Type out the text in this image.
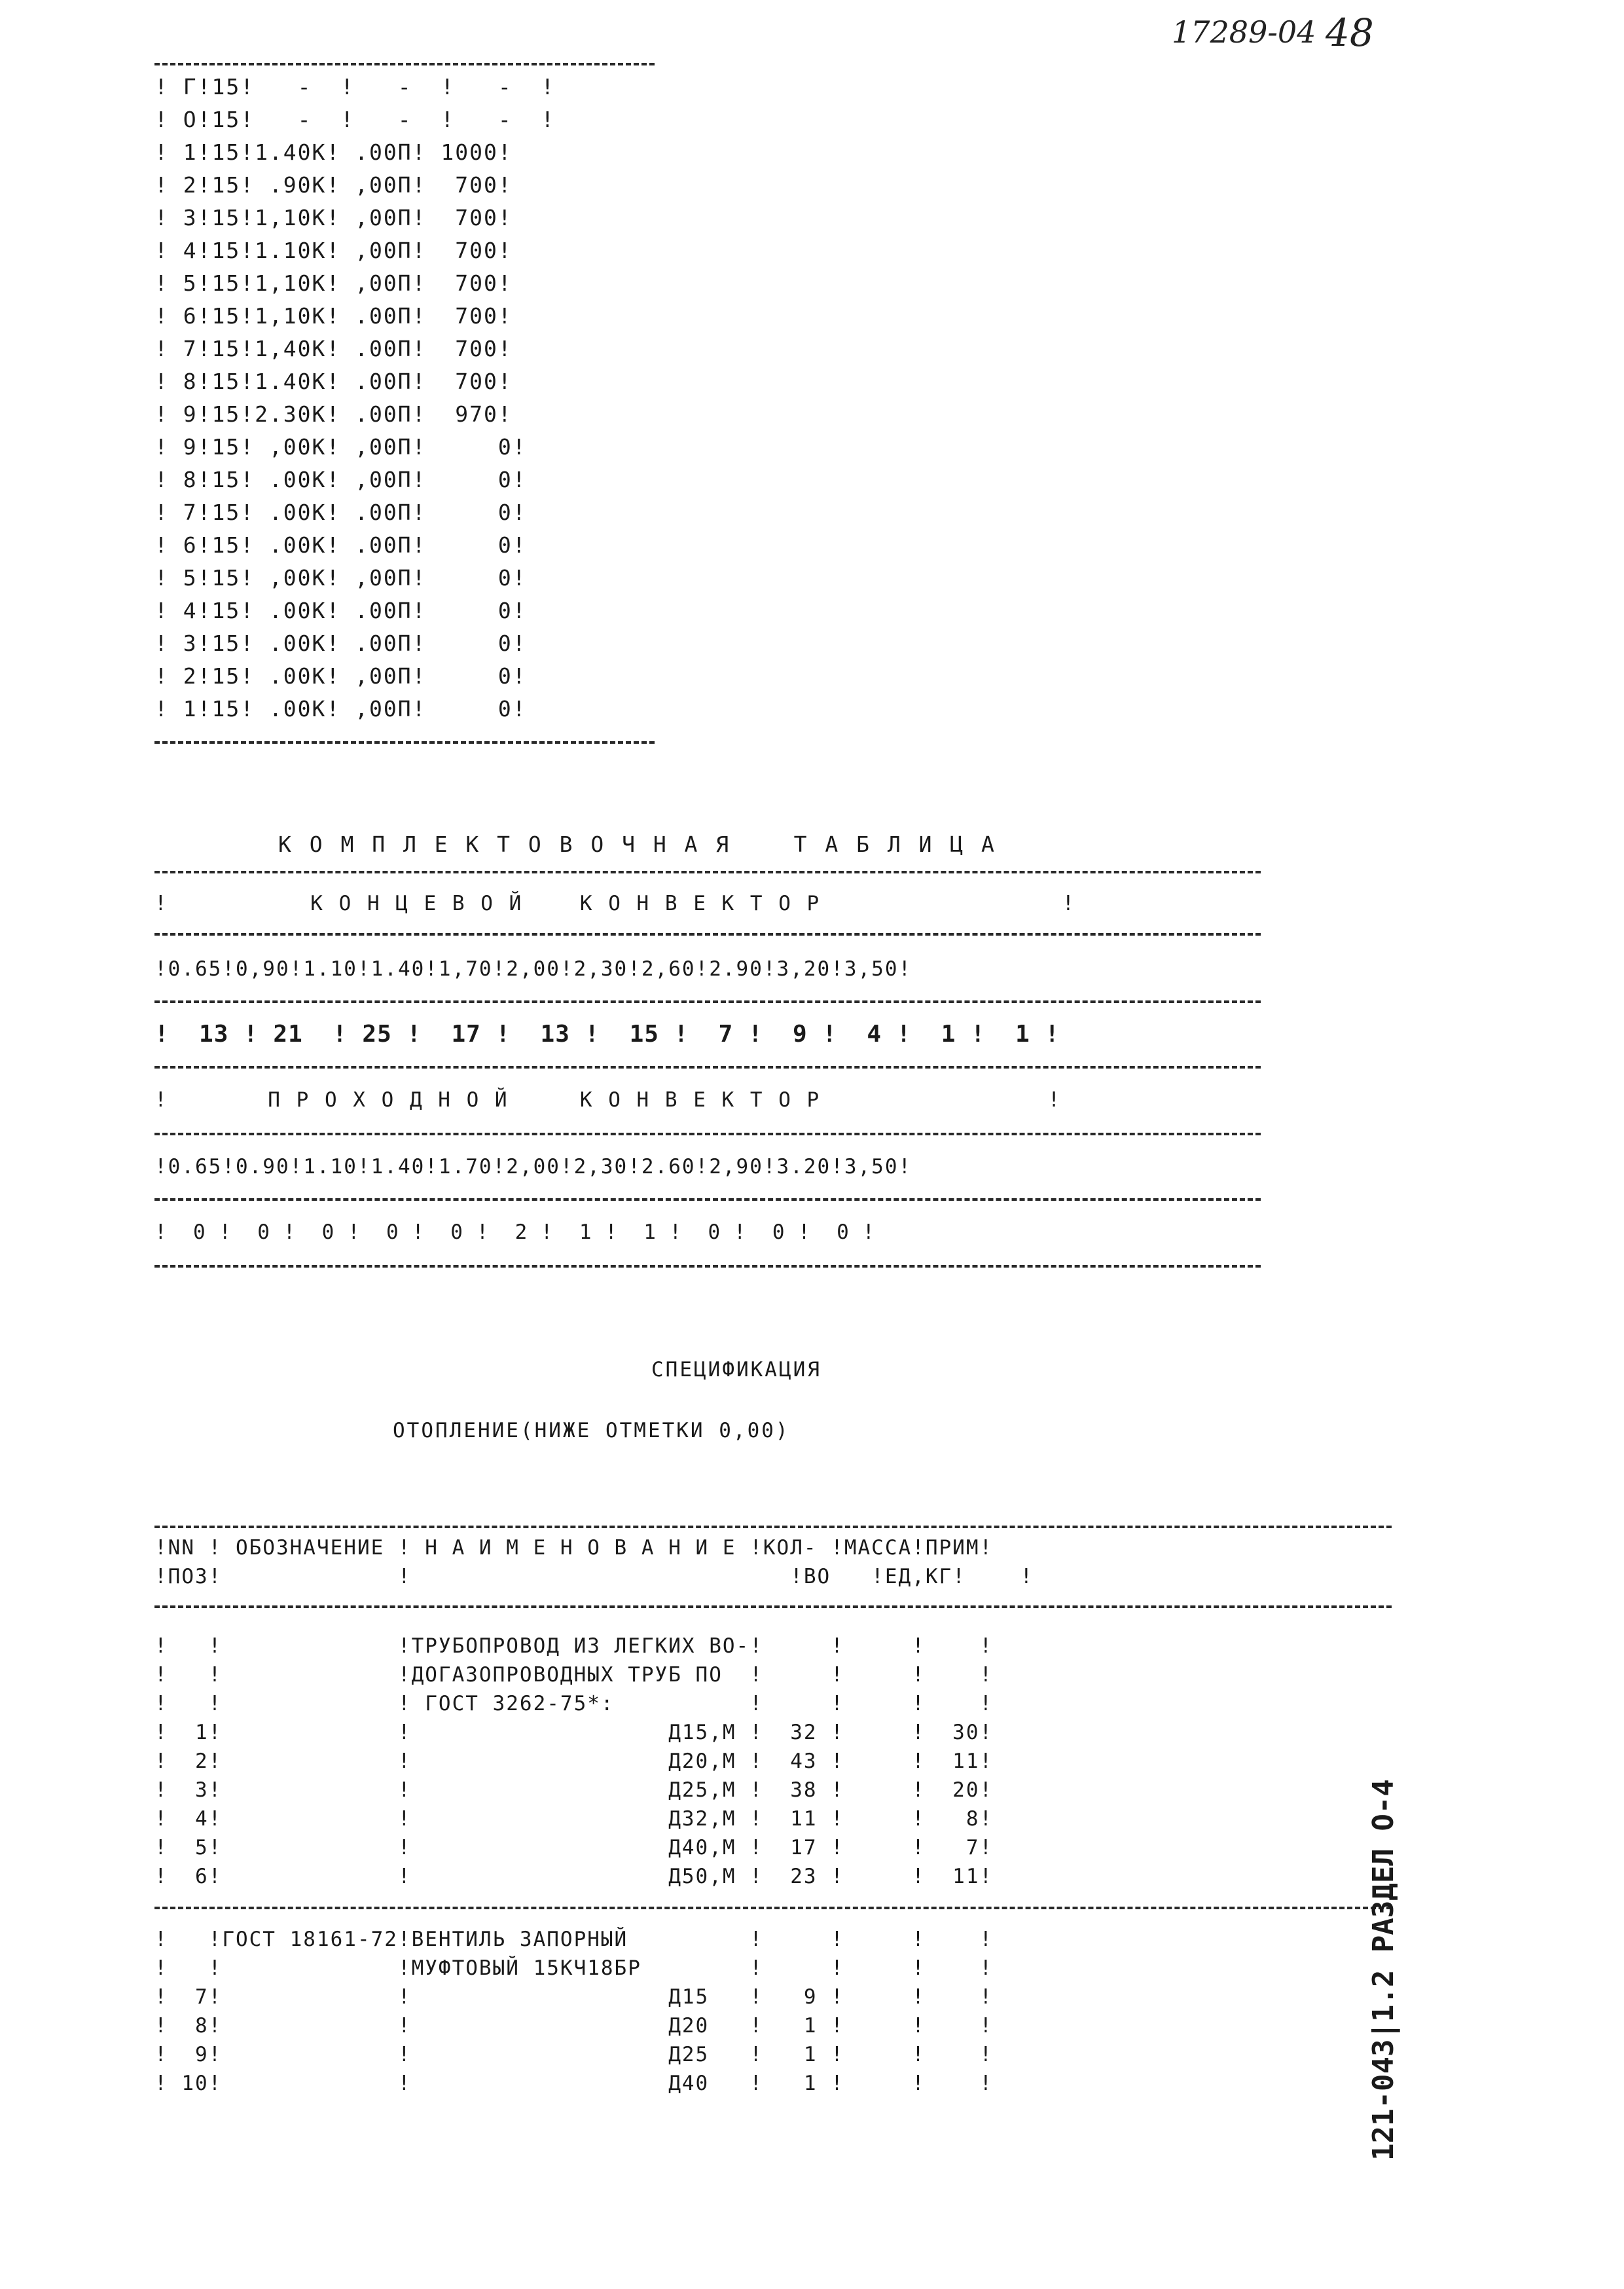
17289-04 48
! Г!15!   -  !   -  !   -  !
! О!15!   -  !   -  !   -  !
! 1!15!1.40К! .00П! 1000!
! 2!15! .90К! ,00П!  700!
! 3!15!1,10К! ,00П!  700!
! 4!15!1.10К! ,00П!  700!
! 5!15!1,10К! ,00П!  700!
! 6!15!1,10К! .00П!  700!
! 7!15!1,40К! .00П!  700!
! 8!15!1.40К! .00П!  700!
! 9!15!2.30К! .00П!  970!
! 9!15! ,00К! ,00П!     0!
! 8!15! .00К! ,00П!     0!
! 7!15! .00К! .00П!     0!
! 6!15! .00К! .00П!     0!
! 5!15! ,00К! ,00П!     0!
! 4!15! .00К! .00П!     0!
! 3!15! .00К! .00П!     0!
! 2!15! .00К! ,00П!     0!
! 1!15! .00К! ,00П!     0!
К О М П Л Е К Т О В О Ч Н А Я    Т А Б Л И Ц А
!          К О Н Ц Е В О Й    К О Н В Е К Т О Р                 !
!0.65!0,90!1.10!1.40!1,70!2,00!2,30!2,60!2.90!3,20!3,50!
!  13 ! 21  ! 25 !  17 !  13 !  15 !  7 !  9 !  4 !  1 !  1 !
!       П Р О Х О Д Н О Й     К О Н В Е К Т О Р                !
!0.65!0.90!1.10!1.40!1.70!2,00!2,30!2.60!2,90!3.20!3,50!
!  0 !  0 !  0 !  0 !  0 !  2 !  1 !  1 !  0 !  0 !  0 !
СПЕЦИФИКАЦИЯ
ОТОПЛЕНИЕ(НИЖЕ ОТМЕТКИ 0,00)
!NN ! ОБОЗНАЧЕНИЕ ! Н А И М Е Н О В А Н И Е !КОЛ- !МАССА!ПРИМ!
!ПОЗ!             !                            !ВО   !ЕД,КГ!    !
!   !             !ТРУБОПРОВОД ИЗ ЛЕГКИХ ВО-!     !     !    !
!   !             !ДОГАЗОПРОВОДНЫХ ТРУБ ПО  !     !     !    !
!   !             ! ГОСТ 3262-75*:          !     !     !    !
!  1!             !                   Д15,М !  32 !     !  30!
!  2!             !                   Д20,М !  43 !     !  11!
!  3!             !                   Д25,М !  38 !     !  20!
!  4!             !                   Д32,М !  11 !     !   8!
!  5!             !                   Д40,М !  17 !     !   7!
!  6!             !                   Д50,М !  23 !     !  11!
!   !ГОСТ 18161-72!ВЕНТИЛЬ ЗАПОРНЫЙ         !     !     !    !
!   !             !МУФТОВЫЙ 15КЧ18БР        !     !     !    !
!  7!             !                   Д15   !   9 !     !    !
!  8!             !                   Д20   !   1 !     !    !
!  9!             !                   Д25   !   1 !     !    !
! 10!             !                   Д40   !   1 !     !    !	121-043|1.2 РАЗДЕЛ О-4
